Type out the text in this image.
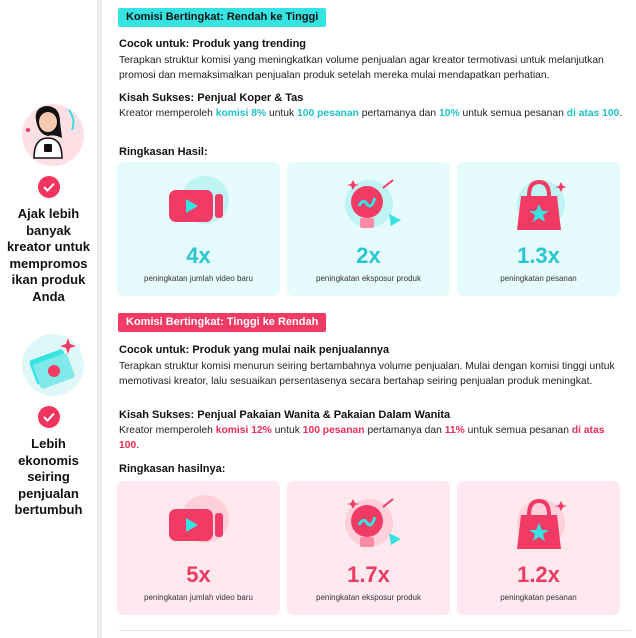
Ajak lebih banyak kreator untuk mempromos ikan produk Anda
Lebih ekonomis seiring penjualan bertumbuh
Komisi Bertingkat: Rendah ke Tinggi
Cocok untuk: Produk yang trending
Terapkan struktur komisi yang meningkatkan volume penjualan agar kreator termotivasi untuk melanjutkan promosi dan memaksimalkan penjualan produk setelah mereka mulai mendapatkan perhatian.
Kisah Sukses: Penjual Koper & Tas
Kreator memperoleh komisi 8% untuk 100 pesanan pertamanya dan 10% untuk semua pesanan di atas 100.
Ringkasan Hasil:
4x
peningkatan jumlah video baru
2x
peningkatan eksposur produk
1.3x
peningkatan pesanan
Komisi Bertingkat: Tinggi ke Rendah
Cocok untuk: Produk yang mulai naik penjualannya
Terapkan struktur komisi menurun seiring bertambahnya volume penjualan. Mulai dengan komisi tinggi untuk memotivasi kreator, lalu sesuaikan persentasenya secara bertahap seiring penjualan produk meningkat.
Kisah Sukses: Penjual Pakaian Wanita & Pakaian Dalam Wanita
Kreator memperoleh komisi 12% untuk 100 pesanan pertamanya dan 11% untuk semua pesanan di atas 100.
Ringkasan hasilnya:
5x
peningkatan jumlah video baru
1.7x
peningkatan eksposur produk
1.2x
peningkatan pesanan
